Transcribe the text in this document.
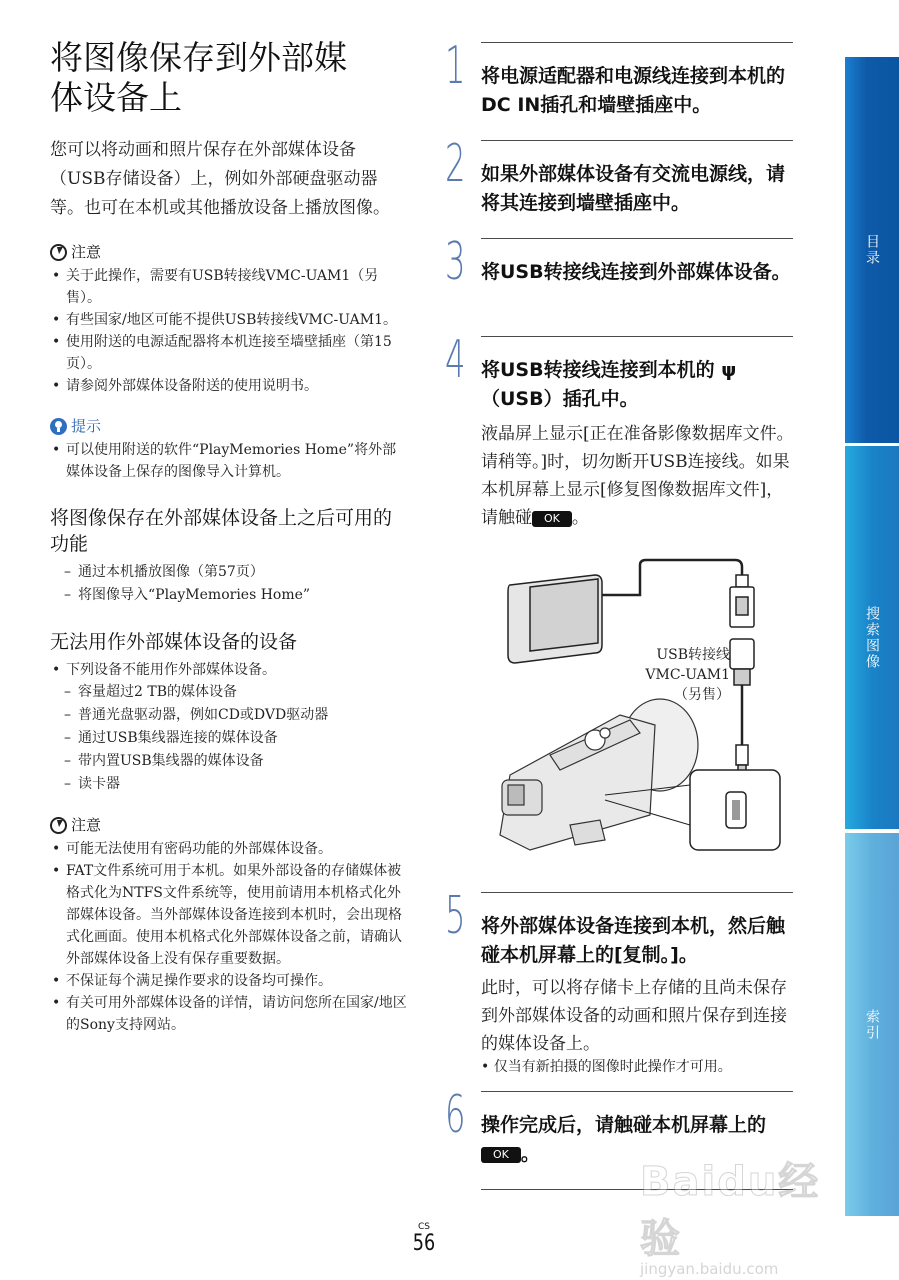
将图像保存到外部媒
体设备上

您可以将动画和照片保存在外部媒体设备（USB存储设备）上，例如外部硬盘驱动器等。也可在本机或其他播放设备上播放图像。

注意
• 关于此操作，需要有USB转接线VMC-UAM1（另售）。
• 有些国家/地区可能不提供USB转接线VMC-UAM1。
• 使用附送的电源适配器将本机连接至墙壁插座（第15页）。
• 请参阅外部媒体设备附送的使用说明书。
提示
• 可以使用附送的软件“PlayMemories Home”将外部媒体设备上保存的图像导入计算机。
将图像保存在外部媒体设备上之后可用的功能
– 通过本机播放图像（第57页）
– 将图像导入“PlayMemories Home”
无法用作外部媒体设备的设备
• 下列设备不能用作外部媒体设备。
– 容量超过2 TB的媒体设备
– 普通光盘驱动器，例如CD或DVD驱动器
– 通过USB集线器连接的媒体设备
– 带内置USB集线器的媒体设备
– 读卡器
注意
• 可能无法使用有密码功能的外部媒体设备。
• FAT文件系统可用于本机。如果外部设备的存储媒体被格式化为NTFS文件系统等，使用前请用本机格式化外部媒体设备。当外部媒体设备连接到本机时，会出现格式化画面。使用本机格式化外部媒体设备之前，请确认外部媒体设备上没有保存重要数据。
• 不保证每个满足操作要求的设备均可操作。
• 有关可用外部媒体设备的详情，请访问您所在国家/地区的Sony支持网站。
1 将电源适配器和电源线连接到本机的DC IN插孔和墙壁插座中。

2 如果外部媒体设备有交流电源线，请将其连接到墙壁插座中。

3 将USB转接线连接到外部媒体设备。

4 将USB转接线连接到本机的 ψ（USB）插孔中。

液晶屏上显示[正在准备影像数据库文件。请稍等。]时，切勿断开USB连接线。如果本机屏幕上显示[修复图像数据库文件]，请触碰 OK 。

5 将外部媒体设备连接到本机，然后触碰本机屏幕上的[复制。]。

此时，可以将存储卡上存储的且尚未保存到外部媒体设备的动画和照片保存到连接的媒体设备上。

• 仅当有新拍摄的图像时此操作才可用。
6 操作完成后，请触碰本机屏幕上的OK 。

USB转接线
VMC-UAM1
（另售）
目录
搜索图像
索引
Baidu经验
jingyan.baidu.com
CS
56
